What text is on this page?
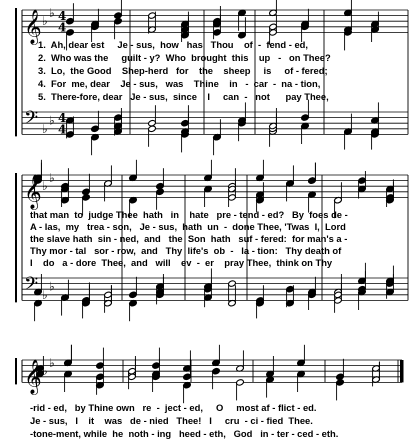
𝄞 ♭
♭ 4
4
𝄢 ♭
♭ 4
4
𝄞 ♭
♭
𝄢 ♭
♭
𝄞 ♭
♭
1.  Ah, dear est     Je - sus,  how   has   Thou    of  -  fend - ed,
2.  Who was the     guilt - y?  Who  brought  this    up   -   on Thee?
3.  Lo,  the Good    Shep-herd   for    the    sheep     is     of - fered;
4.  For  me, dear    Je - sus,   was    Thine    in   -  car  -  na - tion,
5.  There-fore, dear   Je - sus,  since    I     can  -   not      pay Thee,
that man  to  judge Thee  hath   in    hate   pre - tend - ed?   By  foes de -
A - las,  my   trea - son,   Je - sus,  hath  un  -  done Thee, 'Twas  I,  Lord
the slave hath  sin - ned,  and   the  Son  hath   suf - fered:  for man's a -
Thy mor - tal   sor - row,  and   Thy  life's  ob  -   la - tion:   Thy death of
I    do   a - dore  Thee,  and   will    ev  -  er    pray Thee,  think on Thy
-rid - ed,   by Thine own   re  -  ject - ed,     O     most af - flict - ed.
Je - sus,   I    it    was   de - nied   Thee!   I     cru  - ci - fied  Thee.
-tone-ment, while  he  noth - ing   heed - eth,   God   in - ter - ced - eth.
